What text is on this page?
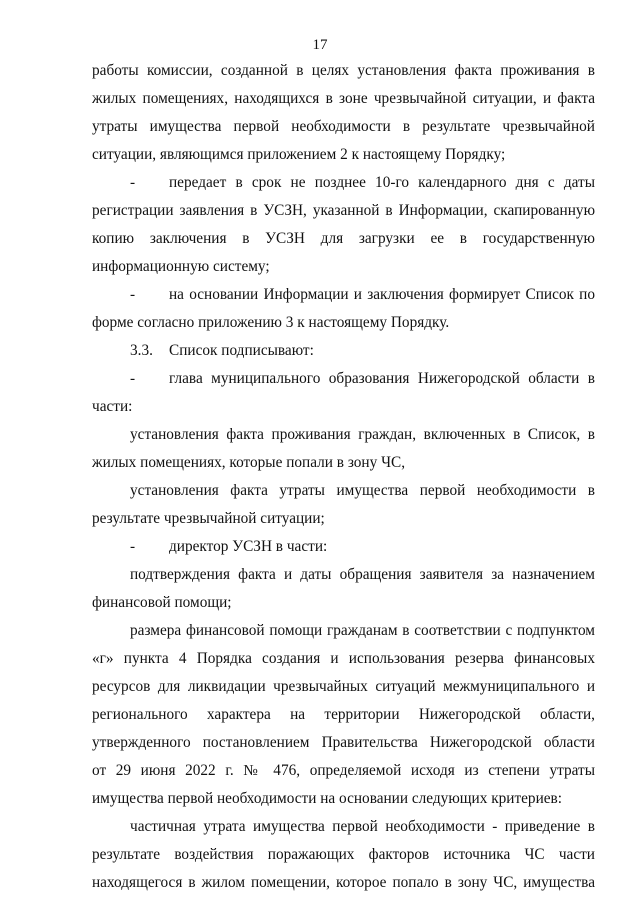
17
работы комиссии, созданной в целях установления факта проживания в
жилых помещениях, находящихся в зоне чрезвычайной ситуации, и факта
утраты имущества первой необходимости в результате чрезвычайной
ситуации, являющимся приложением 2 к настоящему Порядку;
-	передает в срок не позднее 10-го календарного дня с даты
регистрации заявления в УСЗН, указанной в Информации, скапированную
копию заключения в УСЗН для загрузки ее в государственную
информационную систему;
-	на основании Информации и заключения формирует Список по
форме согласно приложению 3 к настоящему Порядку.
3.3. Список подписывают:
-	глава муниципального образования Нижегородской области в
части:
установления факта проживания граждан, включенных в Список, в
жилых помещениях, которые попали в зону ЧС,
установления факта утраты имущества первой необходимости в
результате чрезвычайной ситуации;
-	директор УСЗН в части:
подтверждения факта и даты обращения заявителя за назначением
финансовой помощи;
размера финансовой помощи гражданам в соответствии с подпунктом
«г» пункта 4 Порядка создания и использования резерва финансовых
ресурсов для ликвидации чрезвычайных ситуаций межмуниципального и
регионального характера на территории Нижегородской области,
утвержденного постановлением Правительства Нижегородской области
от 29 июня 2022 г. № 476, определяемой исходя из степени утраты
имущества первой необходимости на основании следующих критериев:
частичная утрата имущества первой необходимости - приведение в
результате воздействия поражающих факторов источника ЧС части
находящегося в жилом помещении, которое попало в зону ЧС, имущества
